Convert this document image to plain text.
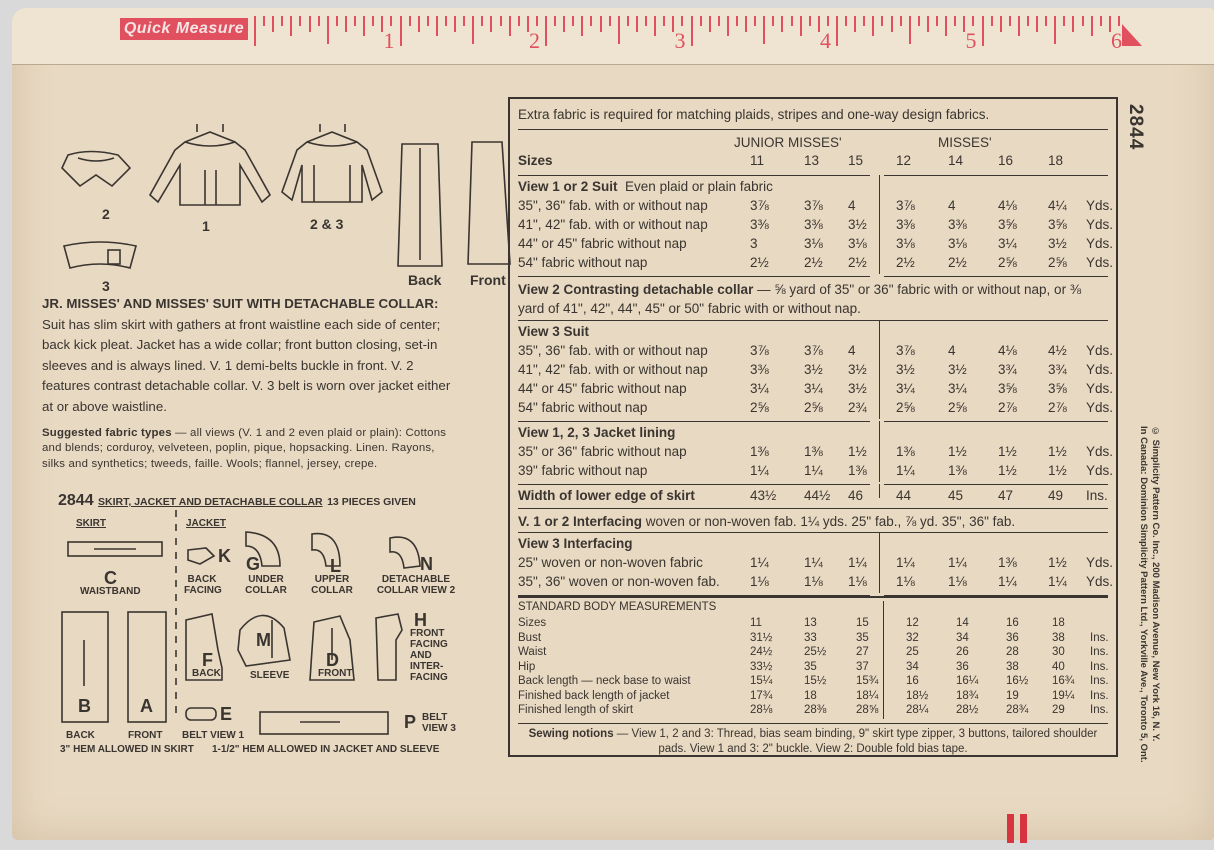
Quick Measure	1	2	3	4	5	6
2844
© Simplicity Pattern Co. Inc., 200 Madison Avenue, New York 16, N. Y.
In Canada: Dominion Simplicity Pattern Ltd., Yorkville Ave., Toronto 5, Ont.
2
1	2 & 3
3	Back Front
JR. MISSES' AND MISSES' SUIT WITH DETACHABLE COLLAR: Suit has slim skirt with gathers at front waistline each side of center; back kick pleat. Jacket has a wide collar; front button closing, set-in sleeves and is always lined. V. 1 demi-belts buckle in front. V. 2 features contrast detachable collar. V. 3 belt is worn over jacket either at or above waistline.
Suggested fabric types — all views (V. 1 and 2 even plaid or plain): Cottons and blends; corduroy, velveteen, poplin, pique, hopsacking. Linen. Rayons, silks and synthetics; tweeds, faille. Wools; flannel, jersey, crepe.
2844 SKIRT, JACKET AND DETACHABLE COLLAR 13 PIECES GIVEN
SKIRT	JACKET
C
WAISTBAND
K
BACK FACING
G
UNDER COLLAR
L
UPPER COLLAR
N
DETACHABLE COLLAR VIEW 2
B
BACK
A
FRONT
F
BACK
M
SLEEVE
D
FRONT
H
FRONT FACING AND INTER-FACING
E
BELT VIEW 1
P BELT VIEW 3
3" HEM ALLOWED IN SKIRT 1-1/2" HEM ALLOWED IN JACKET AND SLEEVE
Extra fabric is required for matching plaids, stripes and one-way design fabrics.
JUNIOR MISSES'	MISSES'
Sizes	11	13 15 12	14	16	18
View 1 or 2 Suit  Even plaid or plain fabric
35", 36" fab. with or without nap	3⅞	3⅞ 4	3⅞ 4	4⅛ 4¼ Yds.
41", 42" fab. with or without nap	3⅜	3⅜ 3½ 3⅜ 3⅜ 3⅝ 3⅝ Yds.
44" or 45" fabric without nap	3	3⅛ 3⅛ 3⅛ 3⅛ 3¼ 3½ Yds.
54" fabric without nap	2½	2½ 2½ 2½ 2½ 2⅝ 2⅝ Yds.
View 2 Contrasting detachable collar — ⅝ yard of 35" or 36" fabric with or without nap, or ⅜ yard of 41", 42", 44", 45" or 50" fabric with or without nap.
View 3 Suit
35", 36" fab. with or without nap	3⅞	3⅞ 4	3⅞ 4	4⅛ 4½ Yds.
41", 42" fab. with or without nap	3⅜	3½ 3½ 3½ 3½ 3¾ 3¾ Yds.
44" or 45" fabric without nap	3¼	3¼ 3½ 3¼ 3¼ 3⅝ 3⅝ Yds.
54" fabric without nap	2⅝	2⅝ 2¾ 2⅝ 2⅝ 2⅞ 2⅞ Yds.
View 1, 2, 3 Jacket lining
35" or 36" fabric without nap	1⅜	1⅜ 1½ 1⅜ 1½ 1½ 1½ Yds.
39" fabric without nap	1¼	1¼ 1⅜ 1¼ 1⅜ 1½ 1½ Yds.
Width of lower edge of skirt	43½ 44½ 46 44	45	47	49 Ins.
V. 1 or 2 Interfacing woven or non-woven fab. 1¼ yds. 25" fab., ⅞ yd. 35", 36" fab.
View 3 Interfacing
25" woven or non-woven fabric	1¼	1¼ 1¼ 1¼ 1¼ 1⅜ 1½ Yds.
35", 36" woven or non-woven fab. 1⅛	1⅛ 1⅛ 1⅛ 1⅛ 1¼ 1¼ Yds.
STANDARD BODY MEASUREMENTS
Sizes	11	13	15	12	14	16	18
Bust	31½	33	35	32	34	36	38 Ins.
Waist	24½	25½	27	25	26	28	30 Ins.
Hip	33½	35	37	34	36	38	40 Ins.
Back length — neck base to waist	15¼	15½	15¾ 16	16¼ 16½ 16¾ Ins.
Finished back length of jacket	17¾	18	18¼ 18½ 18¾ 19	19¼ Ins.
Finished length of skirt	28⅛	28⅜	28⅝ 28¼ 28½ 28¾ 29 Ins.
Sewing notions — View 1, 2 and 3: Thread, bias seam binding, 9" skirt type zipper, 3 buttons, tailored shoulder pads. View 1 and 3: 2" buckle. View 2: Double fold bias tape.
